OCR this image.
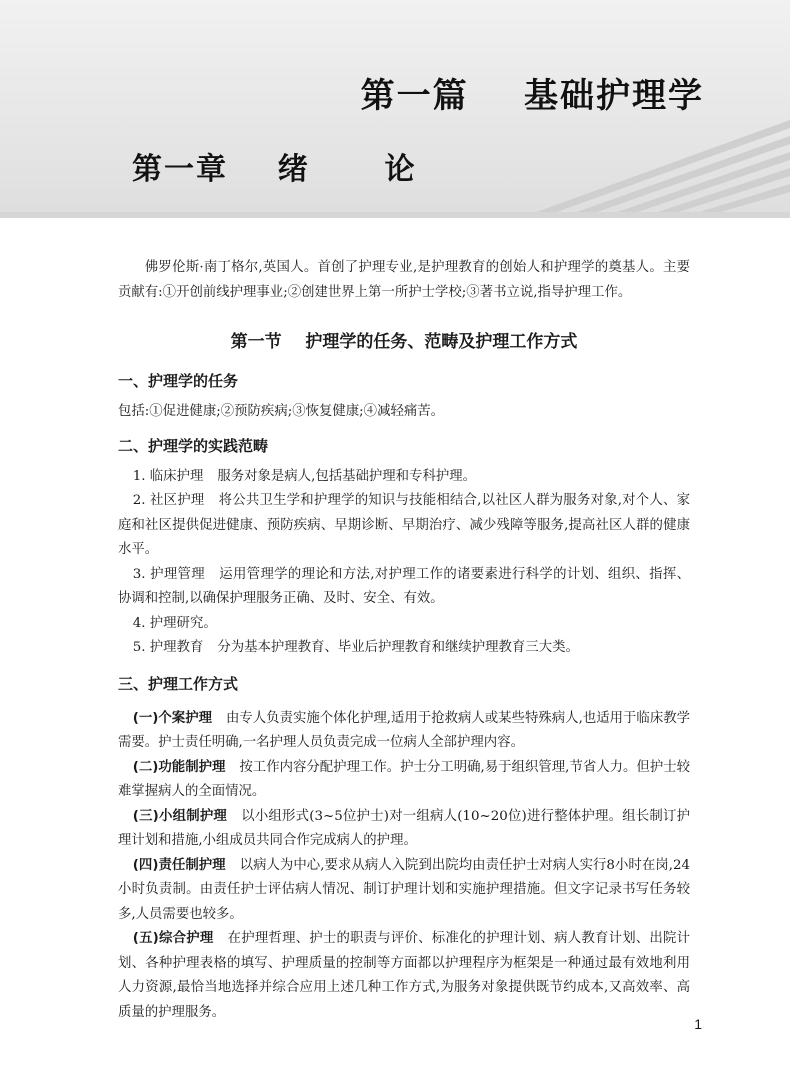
第一篇    基础护理学
第一章    绪      论

佛罗伦斯·南丁格尔,英国人。首创了护理专业,是护理教育的创始人和护理学的奠基人。主要贡献有:①开创前线护理事业;②创建世界上第一所护士学校;③著书立说,指导护理工作。

第一节    护理学的任务、范畴及护理工作方式
一、护理学的任务

包括:①促进健康;②预防疾病;③恢复健康;④减轻痛苦。

二、护理学的实践范畴

1. 临床护理 服务对象是病人,包括基础护理和专科护理。

2. 社区护理 将公共卫生学和护理学的知识与技能相结合,以社区人群为服务对象,对个人、家庭和社区提供促进健康、预防疾病、早期诊断、早期治疗、减少残障等服务,提高社区人群的健康水平。

3. 护理管理 运用管理学的理论和方法,对护理工作的诸要素进行科学的计划、组织、指挥、协调和控制,以确保护理服务正确、及时、安全、有效。

4. 护理研究。

5. 护理教育 分为基本护理教育、毕业后护理教育和继续护理教育三大类。

三、护理工作方式

(一)个案护理 由专人负责实施个体化护理,适用于抢救病人或某些特殊病人,也适用于临床教学需要。护士责任明确,一名护理人员负责完成一位病人全部护理内容。

(二)功能制护理 按工作内容分配护理工作。护士分工明确,易于组织管理,节省人力。但护士较难掌握病人的全面情况。

(三)小组制护理 以小组形式(3~5位护士)对一组病人(10~20位)进行整体护理。组长制订护理计划和措施,小组成员共同合作完成病人的护理。

(四)责任制护理 以病人为中心,要求从病人入院到出院均由责任护士对病人实行8小时在岗,24小时负责制。由责任护士评估病人情况、制订护理计划和实施护理措施。但文字记录书写任务较多,人员需要也较多。

(五)综合护理 在护理哲理、护士的职责与评价、标准化的护理计划、病人教育计划、出院计划、各种护理表格的填写、护理质量的控制等方面都以护理程序为框架是一种通过最有效地利用人力资源,最恰当地选择并综合应用上述几种工作方式,为服务对象提供既节约成本,又高效率、高质量的护理服务。

1
